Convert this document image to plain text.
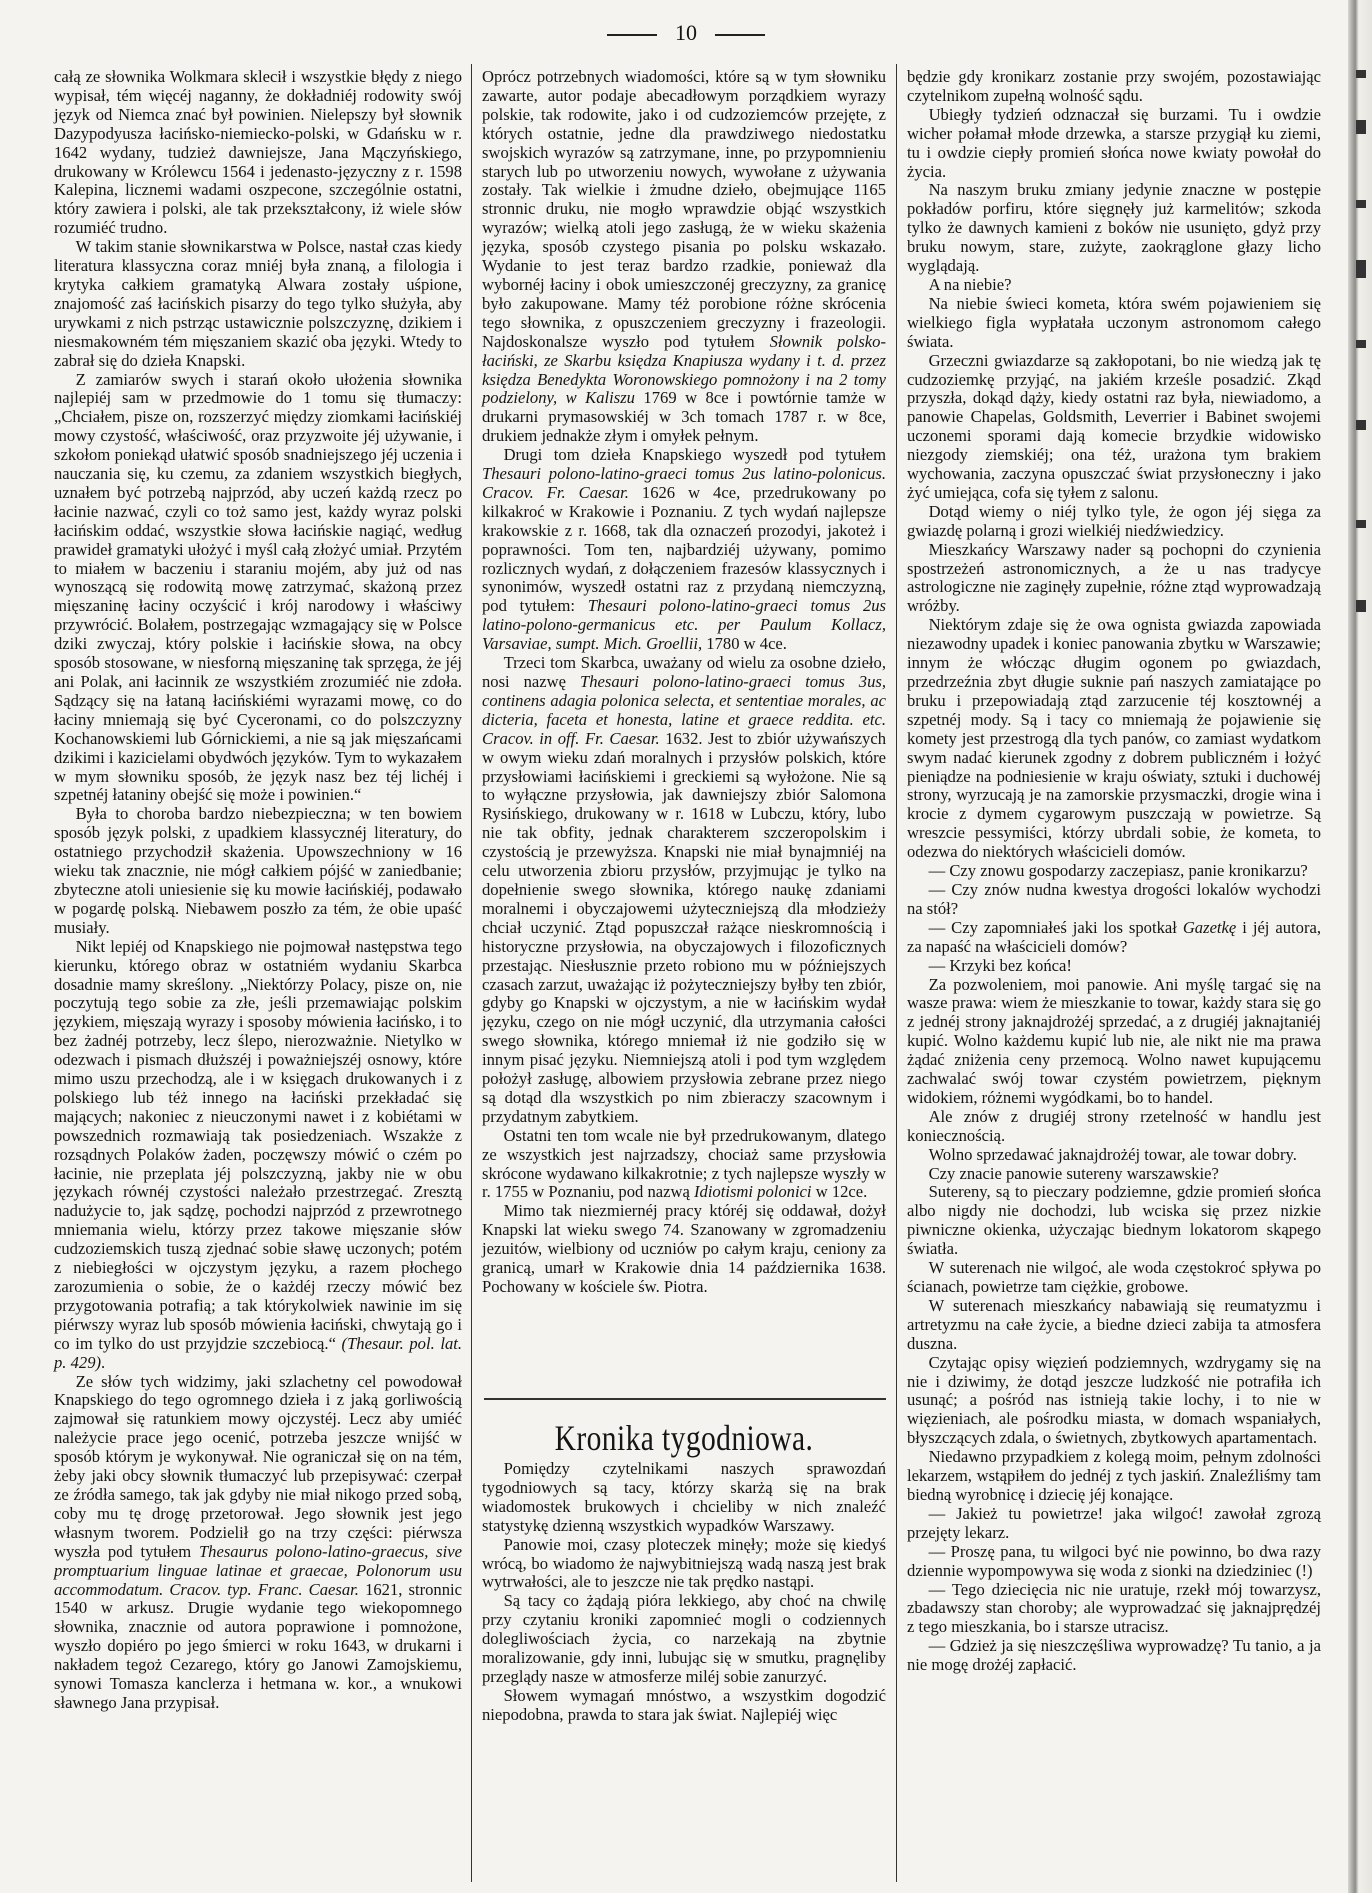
10

całą ze słownika Wolkmara sklecił i wszystkie błędy z niego wypisał, tém więcéj naganny, że dokładniéj rodowity swój język od Niemca znać był powinien. Nielepszy był słownik Dazypodyusza łacińsko-niemiecko-polski, w Gdańsku w r. 1642 wydany, tudzież dawniejsze, Jana Mączyńskiego, drukowany w Królewcu 1564 i jedenasto-języczny z r. 1598 Kalepina, licznemi wadami oszpecone, szczególnie ostatni, który zawiera i polski, ale tak przekształcony, iż wiele słów rozumiéć trudno.

W takim stanie słownikarstwa w Polsce, nastał czas kiedy literatura klassyczna coraz mniéj była znaną, a filologia i krytyka całkiem gramatyką Alwara zostały uśpione, znajomość zaś łacińskich pisarzy do tego tylko służyła, aby urywkami z nich pstrząc ustawicznie polszczyznę, dzikiem i niesmakowném tém mięszaniem skazić oba języki. Wtedy to zabrał się do dzieła Knapski.

Z zamiarów swych i starań około ułożenia słownika najlepiéj sam w przedmowie do 1 tomu się tłumaczy: „Chciałem, pisze on, rozszerzyć między ziomkami łacińskiéj mowy czystość, właściwość, oraz przyzwoite jéj używanie, i szkołom poniekąd ułatwić sposób snadniejszego jéj uczenia i nauczania się, ku czemu, za zdaniem wszystkich biegłych, uznałem być potrzebą najprzód, aby uczeń każdą rzecz po łacinie nazwać, czyli co toż samo jest, każdy wyraz polski łacińskim oddać, wszystkie słowa łacińskie nagiąć, według prawideł gramatyki ułożyć i myśl całą złożyć umiał. Przytém to miałem w baczeniu i staraniu mojém, aby już od nas wynoszącą się rodowitą mowę zatrzymać, skażoną przez mięszaninę łaciny oczyścić i krój narodowy i właściwy przywrócić. Bolałem, postrzegając wzmagający się w Polsce dziki zwyczaj, który polskie i łacińskie słowa, na obcy sposób stosowane, w niesforną mięszaninę tak sprzęga, że jéj ani Polak, ani łacinnik ze wszystkiém zrozumiéć nie zdoła. Sądzący się na łataną łacińskiémi wyrazami mowę, co do łaciny mniemają się być Cyceronami, co do polszczyzny Kochanowskiemi lub Górnickiemi, a nie są jak mięszańcami dzikimi i kazicielami obydwóch języków. Tym to wykazałem w mym słowniku sposób, że język nasz bez téj lichéj i szpetnéj łataniny obejść się może i powinien.“

Była to choroba bardzo niebezpieczna; w ten bowiem sposób język polski, z upadkiem klassycznéj literatury, do ostatniego przychodził skażenia. Upowszechniony w 16 wieku tak znacznie, nie mógł całkiem pójść w zaniedbanie; zbyteczne atoli uniesienie się ku mowie łacińskiéj, podawało w pogardę polską. Niebawem poszło za tém, że obie upaść musiały.

Nikt lepiéj od Knapskiego nie pojmował następstwa tego kierunku, którego obraz w ostatniém wydaniu Skarbca dosadnie mamy skreślony. „Niektórzy Polacy, pisze on, nie poczytują tego sobie za złe, jeśli przemawiając polskim językiem, mięszają wyrazy i sposoby mówienia łacińsko, i to bez żadnéj potrzeby, lecz ślepo, nierozważnie. Nietylko w odezwach i pismach dłuższéj i poważniejszéj osnowy, które mimo uszu przechodzą, ale i w księgach drukowanych i z polskiego lub téż innego na łaciński przekładać się mających; nakoniec z nieuczonymi nawet i z kobiétami w powszednich rozmawiają tak posiedzeniach. Wszakże z rozsądnych Polaków żaden, poczęwszy mówić o czém po łacinie, nie przeplata jéj polszczyzną, jakby nie w obu językach równéj czystości należało przestrzegać. Zresztą nadużycie to, jak sądzę, pochodzi najprzód z przewrotnego mniemania wielu, którzy przez takowe mięszanie słów cudzoziemskich tuszą zjednać sobie sławę uczonych; potém z niebiegłości w ojczystym języku, a razem płochego zarozumienia o sobie, że o każdéj rzeczy mówić bez przygotowania potrafią; a tak którykolwiek nawinie im się piérwszy wyraz lub sposób mówienia łaciński, chwytają go i co im tylko do ust przyjdzie szczebiocą.“ (Thesaur. pol. lat. p. 429).

Ze słów tych widzimy, jaki szlachetny cel powodował Knapskiego do tego ogromnego dzieła i z jaką gorliwością zajmował się ratunkiem mowy ojczystéj. Lecz aby umiéć należycie prace jego ocenić, potrzeba jeszcze wnijść w sposób którym je wykonywał. Nie ograniczał się on na tém, żeby jaki obcy słownik tłumaczyć lub przepisywać: czerpał ze źródła samego, tak jak gdyby nie miał nikogo przed sobą, coby mu tę drogę przetorował. Jego słownik jest jego własnym tworem. Podzielił go na trzy części: piérwsza wyszła pod tytułem Thesaurus polono-latino-graecus, sive promptuarium linguae latinae et graecae, Polonorum usu accommodatum. Cracov. typ. Franc. Caesar. 1621, stronnic 1540 w arkusz. Drugie wydanie tego wiekopomnego słownika, znacznie od autora poprawione i pomnożone, wyszło dopiéro po jego śmierci w roku 1643, w drukarni i nakładem tegoż Cezarego, który go Janowi Zamojskiemu, synowi Tomasza kanclerza i hetmana w. kor., a wnukowi sławnego Jana przypisał.

Oprócz potrzebnych wiadomości, które są w tym słowniku zawarte, autor podaje abecadłowym porządkiem wyrazy polskie, tak rodowite, jako i od cudzoziemców przejęte, z których ostatnie, jedne dla prawdziwego niedostatku swojskich wyrazów są zatrzymane, inne, po przypomnieniu starych lub po utworzeniu nowych, wywołane z używania zostały. Tak wielkie i żmudne dzieło, obejmujące 1165 stronnic druku, nie mogło wprawdzie objąć wszystkich wyrazów; wielką atoli jego zasługą, że w wieku skażenia języka, sposób czystego pisania po polsku wskazało. Wydanie to jest teraz bardzo rzadkie, ponieważ dla wybornéj łaciny i obok umieszczonéj greczyzny, za granicę było zakupowane. Mamy téż porobione różne skrócenia tego słownika, z opuszczeniem greczyzny i frazeologii. Najdoskonalsze wyszło pod tytułem Słownik polsko-łaciński, ze Skarbu księdza Knapiusza wydany i t. d. przez księdza Benedykta Woronowskiego pomnożony i na 2 tomy podzielony, w Kaliszu 1769 w 8ce i powtórnie tamże w drukarni prymasowskiéj w 3ch tomach 1787 r. w 8ce, drukiem jednakże złym i omyłek pełnym.

Drugi tom dzieła Knapskiego wyszedł pod tytułem Thesauri polono-latino-graeci tomus 2us latino-polonicus. Cracov. Fr. Caesar. 1626 w 4ce, przedrukowany po kilkakroć w Krakowie i Poznaniu. Z tych wydań najlepsze krakowskie z r. 1668, tak dla oznaczeń prozodyi, jakoteż i poprawności. Tom ten, najbardziéj używany, pomimo rozlicznych wydań, z dołączeniem frazesów klassycznych i synonimów, wyszedł ostatni raz z przydaną niemczyzną, pod tytułem: Thesauri polono-latino-graeci tomus 2us latino-polono-germanicus etc. per Paulum Kollacz, Varsaviae, sumpt. Mich. Groellii, 1780 w 4ce.

Trzeci tom Skarbca, uważany od wielu za osobne dzieło, nosi nazwę Thesauri polono-latino-graeci tomus 3us, continens adagia polonica selecta, et sententiae morales, ac dicteria, faceta et honesta, latine et graece reddita. etc. Cracov. in off. Fr. Caesar. 1632. Jest to zbiór używańszych w owym wieku zdań moralnych i przysłów polskich, które przysłowiami łacińskiemi i greckiemi są wyłożone. Nie są to wyłączne przysłowia, jak dawniejszy zbiór Salomona Rysińskiego, drukowany w r. 1618 w Lubczu, który, lubo nie tak obfity, jednak charakterem szczeropolskim i czystością je przewyższa. Knapski nie miał bynajmniéj na celu utworzenia zbioru przysłów, przyjmując je tylko na dopełnienie swego słownika, którego naukę zdaniami moralnemi i obyczajowemi użyteczniejszą dla młodzieży chciał uczynić. Ztąd popuszczał rażące nieskromnością i historyczne przysłowia, na obyczajowych i filozoficznych przestając. Niesłusznie przeto robiono mu w późniejszych czasach zarzut, uważając iż pożyteczniejszy byłby ten zbiór, gdyby go Knapski w ojczystym, a nie w łacińskim wydał języku, czego on nie mógł uczynić, dla utrzymania całości swego słownika, którego mniemał iż nie godziło się w innym pisać języku. Niemniejszą atoli i pod tym względem położył zasługę, albowiem przysłowia zebrane przez niego są dotąd dla wszystkich po nim zbieraczy szacownym i przydatnym zabytkiem.

Ostatni ten tom wcale nie był przedrukowanym, dlatego ze wszystkich jest najrzadszy, chociaż same przysłowia skrócone wydawano kilkakrotnie; z tych najlepsze wyszły w r. 1755 w Poznaniu, pod nazwą Idiotismi polonici w 12ce.

Mimo tak niezmiernéj pracy któréj się oddawał, dożył Knapski lat wieku swego 74. Szanowany w zgromadzeniu jezuitów, wielbiony od uczniów po całym kraju, ceniony za granicą, umarł w Krakowie dnia 14 października 1638. Pochowany w kościele św. Piotra.

Kronika tygodniowa.

Pomiędzy czytelnikami naszych sprawozdań tygodniowych są tacy, którzy skarżą się na brak wiadomostek brukowych i chcieliby w nich znaleźć statystykę dzienną wszystkich wypadków Warszawy.

Panowie moi, czasy ploteczek minęły; może się kiedyś wrócą, bo wiadomo że najwybitniejszą wadą naszą jest brak wytrwałości, ale to jeszcze nie tak prędko nastąpi.

Są tacy co żądają pióra lekkiego, aby choć na chwilę przy czytaniu kroniki zapomnieć mogli o codziennych dolegliwościach życia, co narzekają na zbytnie moralizowanie, gdy inni, lubując się w smutku, pragnęliby przeglądy nasze w atmosferze miléj sobie zanurzyć.

Słowem wymagań mnóstwo, a wszystkim dogodzić niepodobna, prawda to stara jak świat. Najlepiéj więc

będzie gdy kronikarz zostanie przy swojém, pozostawiając czytelnikom zupełną wolność sądu.

Ubiegły tydzień odznaczał się burzami. Tu i owdzie wicher połamał młode drzewka, a starsze przygiął ku ziemi, tu i owdzie ciepły promień słońca nowe kwiaty powołał do życia.

Na naszym bruku zmiany jedynie znaczne w postępie pokładów porfiru, które sięgnęły już karmelitów; szkoda tylko że dawnych kamieni z boków nie usunięto, gdyż przy bruku nowym, stare, zużyte, zaokrąglone głazy licho wyglądają.

A na niebie?

Na niebie świeci kometa, która swém pojawieniem się wielkiego figla wypłatała uczonym astronomom całego świata.

Grzeczni gwiazdarze są zakłopotani, bo nie wiedzą jak tę cudzoziemkę przyjąć, na jakiém krześle posadzić. Zkąd przyszła, dokąd dąży, kiedy ostatni raz była, niewiadomo, a panowie Chapelas, Goldsmith, Leverrier i Babinet swojemi uczonemi sporami dają komecie brzydkie widowisko niezgody ziemskiéj; ona téż, urażona tym brakiem wychowania, zaczyna opuszczać świat przysłoneczny i jako żyć umiejąca, cofa się tyłem z salonu.

Dotąd wiemy o niéj tylko tyle, że ogon jéj sięga za gwiazdę polarną i grozi wielkiéj niedźwiedzicy.

Mieszkańcy Warszawy nader są pochopni do czynienia spostrzeżeń astronomicznych, a że u nas tradycye astrologiczne nie zaginęły zupełnie, różne ztąd wyprowadzają wróżby.

Niektórym zdaje się że owa ognista gwiazda zapowiada niezawodny upadek i koniec panowania zbytku w Warszawie; innym że włócząc długim ogonem po gwiazdach, przedrzeźnia zbyt długie suknie pań naszych zamiatające po bruku i przepowiadają ztąd zarzucenie téj kosztownéj a szpetnéj mody. Są i tacy co mniemają że pojawienie się komety jest przestrogą dla tych panów, co zamiast wydatkom swym nadać kierunek zgodny z dobrem publiczném i łożyć pieniądze na podniesienie w kraju oświaty, sztuki i duchowéj strony, wyrzucają je na zamorskie przysmaczki, drogie wina i krocie z dymem cygarowym puszczają w powietrze. Są wreszcie pessymiści, którzy ubrdali sobie, że kometa, to odezwa do niektórych właścicieli domów.

— Czy znowu gospodarzy zaczepiasz, panie kronikarzu?

— Czy znów nudna kwestya drogości lokalów wychodzi na stół?

— Czy zapomniałeś jaki los spotkał Gazetkę i jéj autora, za napaść na właścicieli domów?

— Krzyki bez końca!

Za pozwoleniem, moi panowie. Ani myślę targać się na wasze prawa: wiem że mieszkanie to towar, każdy stara się go z jednéj strony jaknajdrożéj sprzedać, a z drugiéj jaknajtaniéj kupić. Wolno każdemu kupić lub nie, ale nikt nie ma prawa żądać zniżenia ceny przemocą. Wolno nawet kupującemu zachwalać swój towar czystém powietrzem, pięknym widokiem, różnemi wygódkami, bo to handel.

Ale znów z drugiéj strony rzetelność w handlu jest koniecznością.

Wolno sprzedawać jaknajdrożéj towar, ale towar dobry.

Czy znacie panowie sutereny warszawskie?

Sutereny, są to pieczary podziemne, gdzie promień słońca albo nigdy nie dochodzi, lub wciska się przez nizkie piwniczne okienka, użyczając biednym lokatorom skąpego światła.

W suterenach nie wilgoć, ale woda częstokroć spływa po ścianach, powietrze tam ciężkie, grobowe.

W suterenach mieszkańcy nabawiają się reumatyzmu i artretyzmu na całe życie, a biedne dzieci zabija ta atmosfera duszna.

Czytając opisy więzień podziemnych, wzdrygamy się na nie i dziwimy, że dotąd jeszcze ludzkość nie potrafiła ich usunąć; a pośród nas istnieją takie lochy, i to nie w więzieniach, ale pośrodku miasta, w domach wspaniałych, błyszczących zdala, o świetnych, zbytkowych apartamentach.

Niedawno przypadkiem z kolegą moim, pełnym zdolności lekarzem, wstąpiłem do jednéj z tych jaskiń. Znaleźliśmy tam biedną wyrobnicę i dziecię jéj konające.

— Jakież tu powietrze! jaka wilgoć! zawołał zgrozą przejęty lekarz.

— Proszę pana, tu wilgoci być nie powinno, bo dwa razy dziennie wypompowywa się woda z sionki na dziedziniec (!)

— Tego dziecięcia nic nie uratuje, rzekł mój towarzysz, zbadawszy stan choroby; ale wyprowadzać się jaknajprędzéj z tego mieszkania, bo i starsze utracisz.

— Gdzież ja się nieszczęśliwa wyprowadzę? Tu tanio, a ja nie mogę drożéj zapłacić.
